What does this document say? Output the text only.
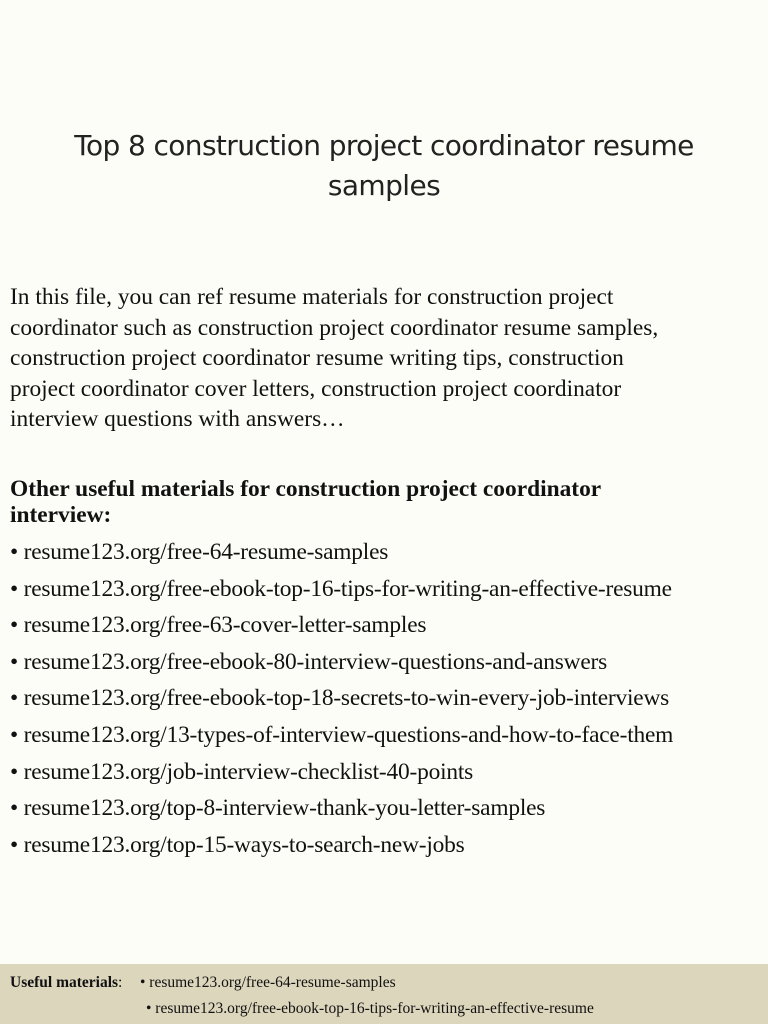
Top 8 construction project coordinator resume
samples

In this file, you can ref resume materials for construction project
coordinator such as construction project coordinator resume samples,
construction project coordinator resume writing tips, construction
project coordinator cover letters, construction project coordinator
interview questions with answers…

Other useful materials for construction project coordinator
interview:
• resume123.org/free-64-resume-samples
• resume123.org/free-ebook-top-16-tips-for-writing-an-effective-resume
• resume123.org/free-63-cover-letter-samples
• resume123.org/free-ebook-80-interview-questions-and-answers
• resume123.org/free-ebook-top-18-secrets-to-win-every-job-interviews
• resume123.org/13-types-of-interview-questions-and-how-to-face-them
• resume123.org/job-interview-checklist-40-points
• resume123.org/top-8-interview-thank-you-letter-samples
• resume123.org/top-15-ways-to-search-new-jobs
Useful materials: • resume123.org/free-64-resume-samples
• resume123.org/free-ebook-top-16-tips-for-writing-an-effective-resume
